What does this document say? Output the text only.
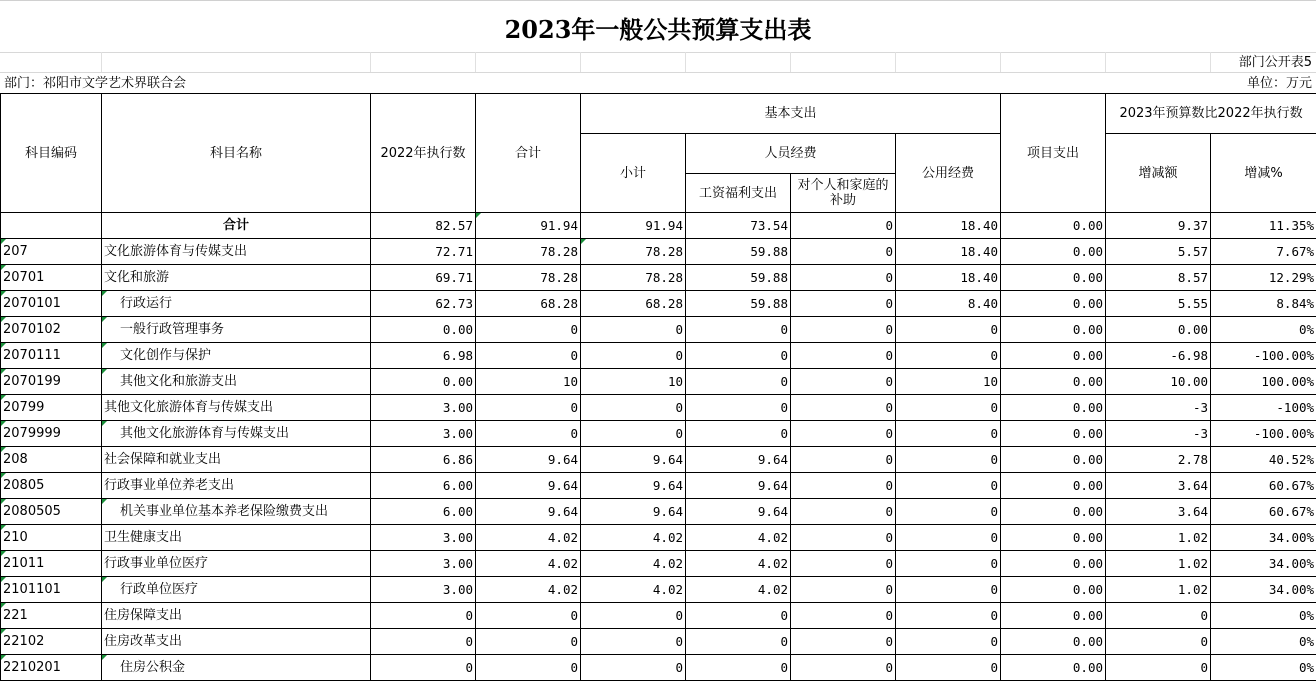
2023年一般公共预算支出表
部门公开表5
部门：祁阳市文学艺术界联合会	单位：万元
科目编码	科目名称	2022年执行数	合计	基本支出				项目支出	2023年预算数比2022年执行数	
				小计	人员经费		公用经费		增减额	增减%
					工资福利支出	对个人和家庭的补助				
	合计	82.57	91.94	91.94	73.54	0	18.40	0.00	9.37	11.35%
207	文化旅游体育与传媒支出	72.71	78.28	78.28	59.88	0	18.40	0.00	5.57	7.67%
20701	文化和旅游	69.71	78.28	78.28	59.88	0	18.40	0.00	8.57	12.29%
2070101	行政运行	62.73	68.28	68.28	59.88	0	8.40	0.00	5.55	8.84%
2070102	一般行政管理事务	0.00	0	0	0	0	0	0.00	0.00	0%
2070111	文化创作与保护	6.98	0	0	0	0	0	0.00	-6.98	-100.00%
2070199	其他文化和旅游支出	0.00	10	10	0	0	10	0.00	10.00	100.00%
20799	其他文化旅游体育与传媒支出	3.00	0	0	0	0	0	0.00	-3	-100%
2079999	其他文化旅游体育与传媒支出	3.00	0	0	0	0	0	0.00	-3	-100.00%
208	社会保障和就业支出	6.86	9.64	9.64	9.64	0	0	0.00	2.78	40.52%
20805	行政事业单位养老支出	6.00	9.64	9.64	9.64	0	0	0.00	3.64	60.67%
2080505	机关事业单位基本养老保险缴费支出	6.00	9.64	9.64	9.64	0	0	0.00	3.64	60.67%
210	卫生健康支出	3.00	4.02	4.02	4.02	0	0	0.00	1.02	34.00%
21011	行政事业单位医疗	3.00	4.02	4.02	4.02	0	0	0.00	1.02	34.00%
2101101	行政单位医疗	3.00	4.02	4.02	4.02	0	0	0.00	1.02	34.00%
221	住房保障支出	0	0	0	0	0	0	0.00	0	0%
22102	住房改革支出	0	0	0	0	0	0	0.00	0	0%
2210201	住房公积金	0	0	0	0	0	0	0.00	0	0%
